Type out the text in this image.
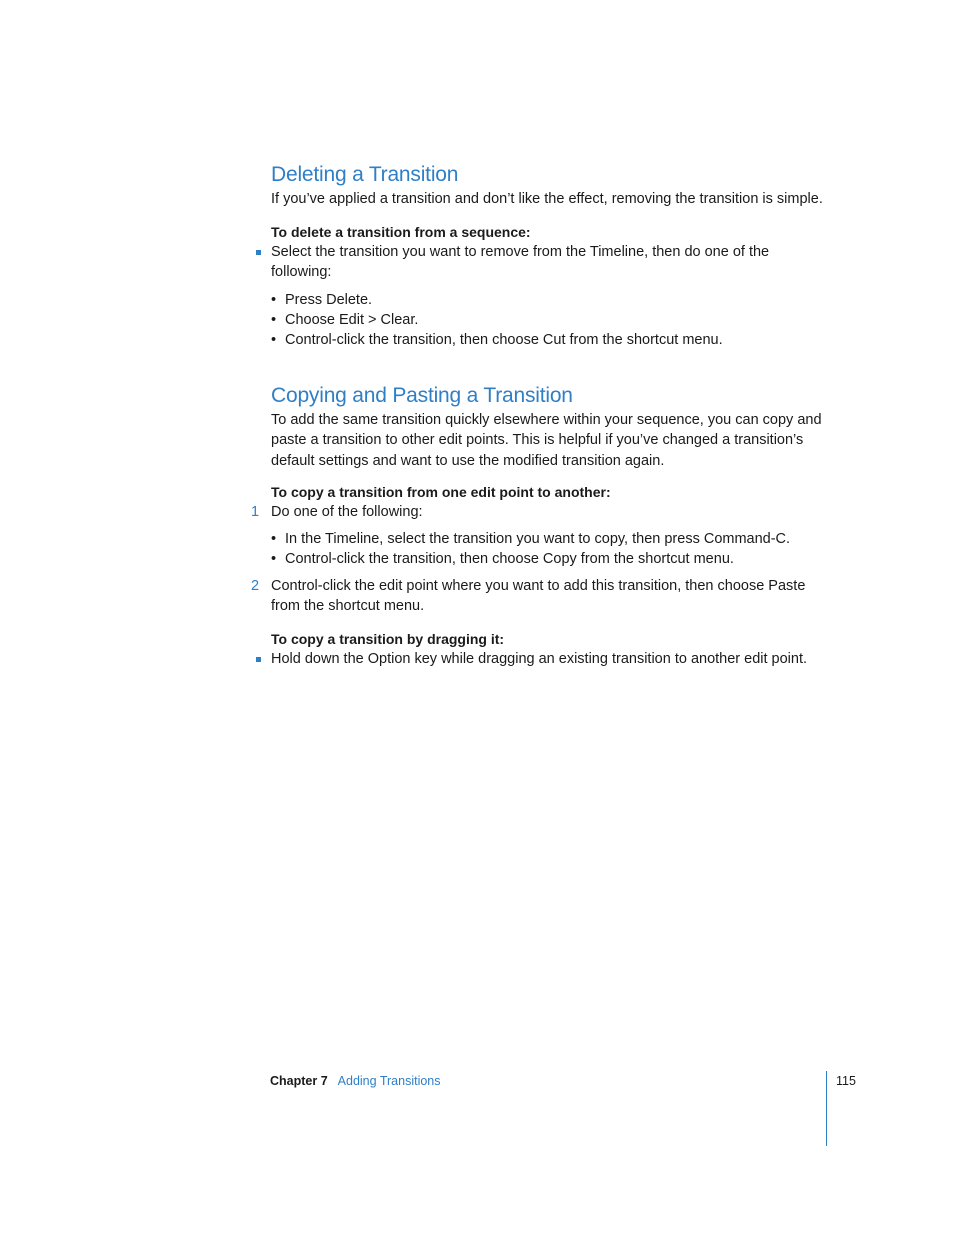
Deleting a Transition

If you’ve applied a transition and don’t like the effect, removing the transition is simple.

To delete a transition from a sequence:
Select the transition you want to remove from the Timeline, then do one of the following:
• Press Delete.
• Choose Edit > Clear.
• Control-click the transition, then choose Cut from the shortcut menu.
Copying and Pasting a Transition

To add the same transition quickly elsewhere within your sequence, you can copy and paste a transition to other edit points. This is helpful if you’ve changed a transition’s default settings and want to use the modified transition again.

To copy a transition from one edit point to another:
1 Do one of the following:
• In the Timeline, select the transition you want to copy, then press Command-C.
• Control-click the transition, then choose Copy from the shortcut menu.
2 Control-click the edit point where you want to add this transition, then choose Paste from the shortcut menu.
To copy a transition by dragging it:
Hold down the Option key while dragging an existing transition to another edit point.
Chapter 7 Adding Transitions	115
